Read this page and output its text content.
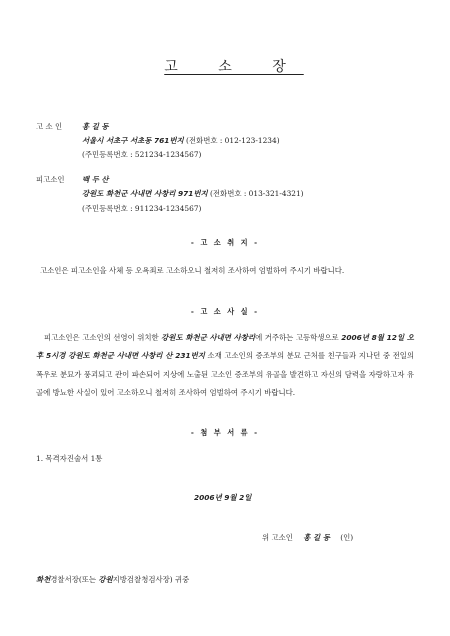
고 소 장
고 소 인	홍 길 동
서울시 서초구 서초동 761번지 (전화번호 : 012-123-1234)
(주민등록번호 : 521234-1234567)
피고소인 백 두 산
강원도 화천군 사내면 사창리 971번지 (전화번호 : 013-321-4321)
(주민등록번호 : 911234-1234567)
- 고 소 취 지 -
고소인은 피고소인을 사체 등 오욕죄로 고소하오니 철저히 조사하여 엄벌하여 주시기 바랍니다.
- 고 소 사 실 -
피고소인은 고소인의 선영이 위치한 강원도 화천군 사내면 사창리에 거주하는 고등학생으로 2006년 8월 12일 오후 5시경 강원도 화천군 사내면 사창리 산 231번지 소재 고소인의 증조부의 분묘 근처를 친구들과 지나던 중 전일의 폭우로 분묘가 풍괴되고 관이 파손되어 지상에 노출된 고소인 증조부의 유골을 발견하고 자신의 담력을 자랑하고자 유골에 방뇨한 사실이 있어 고소하오니 철저히 조사하여 엄벌하여 주시기 바랍니다.
- 첨 부 서 류 -
1. 목격자진술서 1통
2006년 9월 2일
위 고소인 홍 길 동 (인)
화천경찰서장(또는 강원지방검찰청검사장) 귀중
